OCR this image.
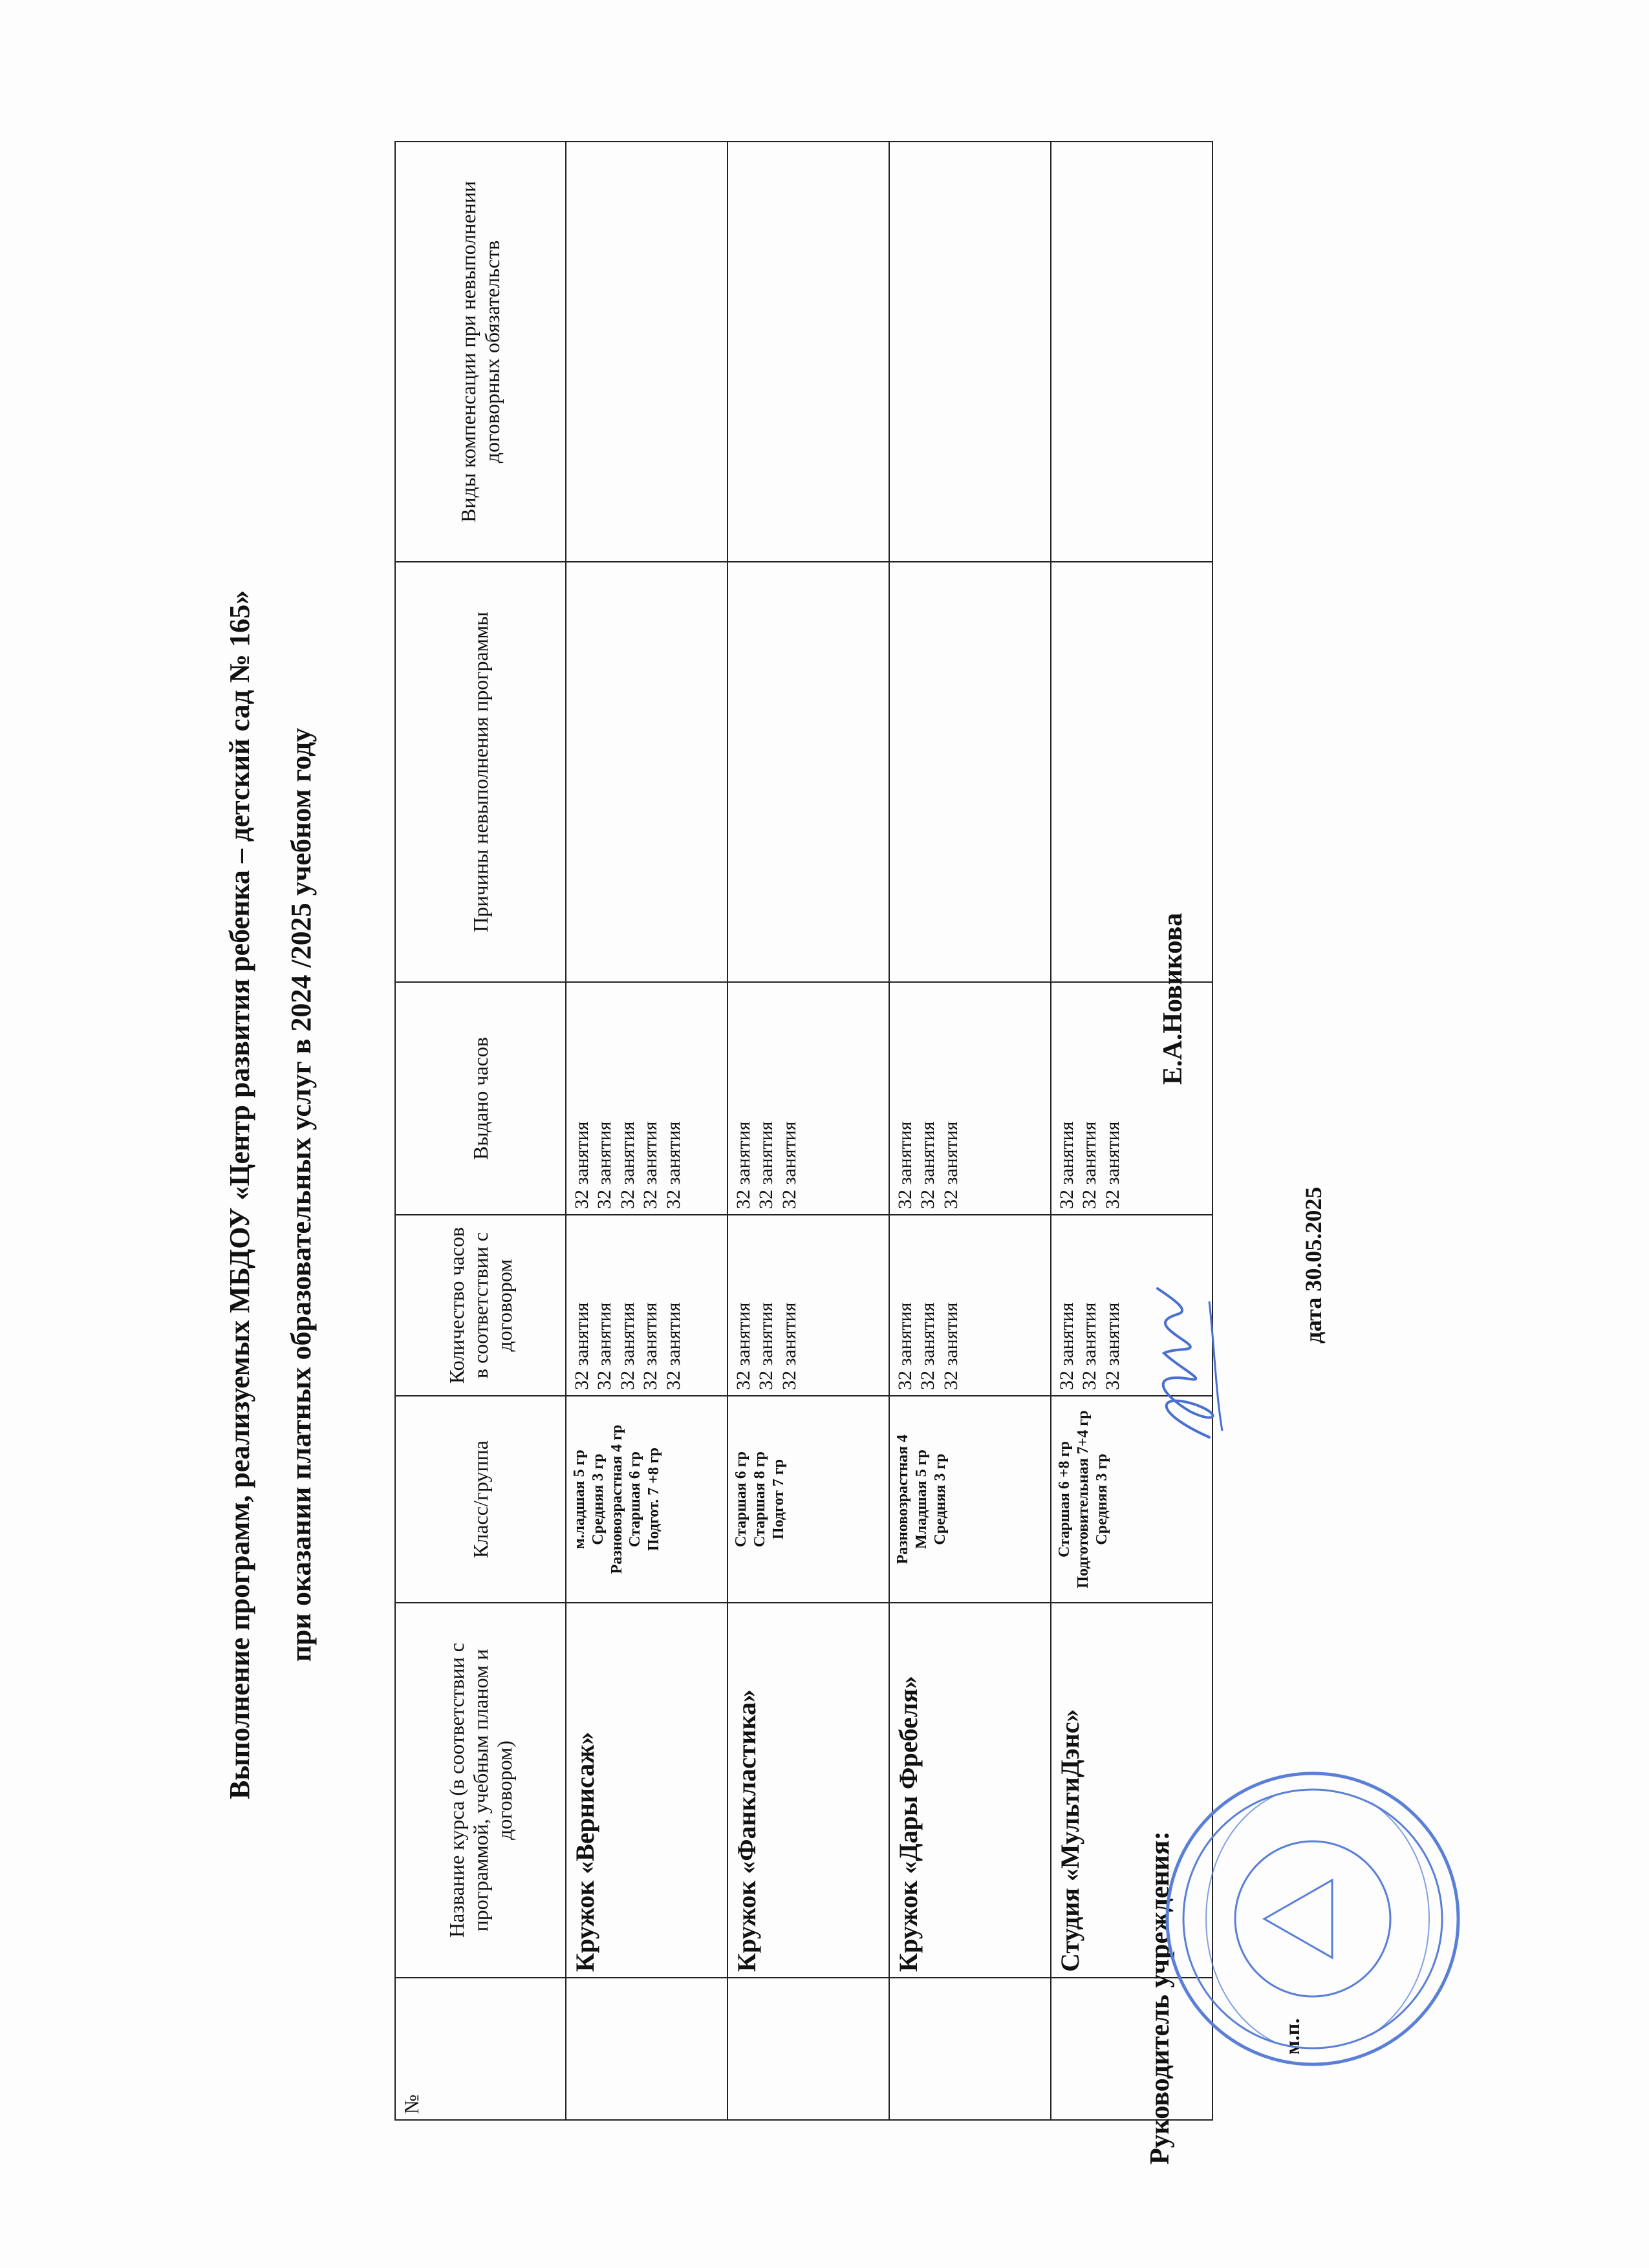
Выполнение программ, реализуемых МБДОУ «Центр развития ребенка – детский сад № 165» при оказании платных образовательных услуг в 2024 /2025 учебном году
№	Название курса (в соответствии с программой, учебным планом и договором)	Класс/группа	Количество часов в соответствии с договором	Выдано часов	Причины невыполнения программы	Виды компенсации при невыполнении договорных обязательств
	Кружок «Вернисаж»	м.ладшая 5 гр Средняя 3 гр Разновозрастная 4 гр Старшая 6 гр Подгот. 7 +8 гр	32 занятия 32 занятия 32 занятия 32 занятия 32 занятия	32 занятия 32 занятия 32 занятия 32 занятия 32 занятия		

	Кружок «Фанкластика»	Старшая 6 гр Старшая 8 гр Подгот 7 гр	32 занятия 32 занятия 32 занятия	32 занятия 32 занятия 32 занятия		

	Кружок «Дары Фребеля»	Разновозрастная 4 Младшая 5 гр Средняя 3 гр	32 занятия 32 занятия 32 занятия	32 занятия 32 занятия 32 занятия		

	Студия «МультиДэнс»	Старшая 6 +8 гр Подготовительная 7+4 гр Средняя 3 гр	32 занятия 32 занятия 32 занятия	32 занятия 32 занятия 32 занятия		

Руководитель учреждения:
Е.А.Новикова
м.п.
дата 30.05.2025
